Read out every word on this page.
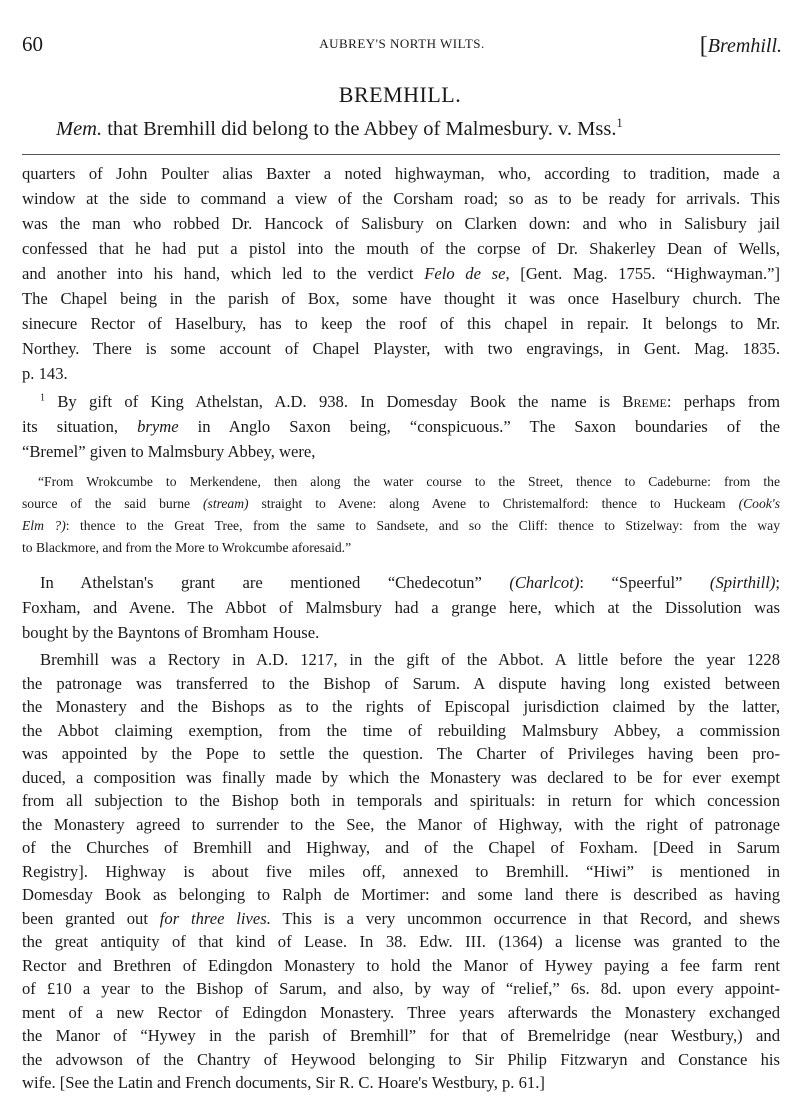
60	AUBREY'S NORTH WILTS.	[Bremhill.
BREMHILL.
Mem. that Bremhill did belong to the Abbey of Malmesbury. v. Mss.$^1$
quarters of John Poulter alias Baxter a noted highwayman, who, according to tradition, made a
window at the side to command a view of the Corsham road; so as to be ready for arrivals. This
was the man who robbed Dr. Hancock of Salisbury on Clarken down: and who in Salisbury jail
confessed that he had put a pistol into the mouth of the corpse of Dr. Shakerley Dean of Wells,
and another into his hand, which led to the verdict Felo de se, [Gent. Mag. 1755. “Highwayman.”]
The Chapel being in the parish of Box, some have thought it was once Haselbury church. The
sinecure Rector of Haselbury, has to keep the roof of this chapel in repair. It belongs to Mr.
Northey. There is some account of Chapel Playster, with two engravings, in Gent. Mag. 1835.
p. 143.
$^1$ By gift of King Athelstan, A.D. 938. In Domesday Book the name is Breme: perhaps from
its situation, bryme in Anglo Saxon being, “conspicuous.” The Saxon boundaries of the
“Bremel” given to Malmsbury Abbey, were,
“From Wrokcumbe to Merkendene, then along the water course to the Street, thence to Cadeburne: from the
source of the said burne (stream) straight to Avene: along Avene to Christemalford: thence to Huckeam (Cook's
Elm ?): thence to the Great Tree, from the same to Sandsete, and so the Cliff: thence to Stizelway: from the way
to Blackmore, and from the More to Wrokcumbe aforesaid.”
In Athelstan's grant are mentioned “Chedecotun” (Charlcot): “Speerful” (Spirthill);
Foxham, and Avene. The Abbot of Malmsbury had a grange here, which at the Dissolution was
bought by the Bayntons of Bromham House.
Bremhill was a Rectory in A.D. 1217, in the gift of the Abbot. A little before the year 1228
the patronage was transferred to the Bishop of Sarum. A dispute having long existed between
the Monastery and the Bishops as to the rights of Episcopal jurisdiction claimed by the latter,
the Abbot claiming exemption, from the time of rebuilding Malmsbury Abbey, a commission
was appointed by the Pope to settle the question. The Charter of Privileges having been pro-
duced, a composition was finally made by which the Monastery was declared to be for ever exempt
from all subjection to the Bishop both in temporals and spirituals: in return for which concession
the Monastery agreed to surrender to the See, the Manor of Highway, with the right of patronage
of the Churches of Bremhill and Highway, and of the Chapel of Foxham. [Deed in Sarum
Registry]. Highway is about five miles off, annexed to Bremhill. “Hiwi” is mentioned in
Domesday Book as belonging to Ralph de Mortimer: and some land there is described as having
been granted out for three lives. This is a very uncommon occurrence in that Record, and shews
the great antiquity of that kind of Lease. In 38. Edw. III. (1364) a license was granted to the
Rector and Brethren of Edingdon Monastery to hold the Manor of Hywey paying a fee farm rent
of £10 a year to the Bishop of Sarum, and also, by way of “relief,” 6s. 8d. upon every appoint-
ment of a new Rector of Edingdon Monastery. Three years afterwards the Monastery exchanged
the Manor of “Hywey in the parish of Bremhill” for that of Bremelridge (near Westbury,) and
the advowson of the Chantry of Heywood belonging to Sir Philip Fitzwaryn and Constance his
wife. [See the Latin and French documents, Sir R. C. Hoare's Westbury, p. 61.]
